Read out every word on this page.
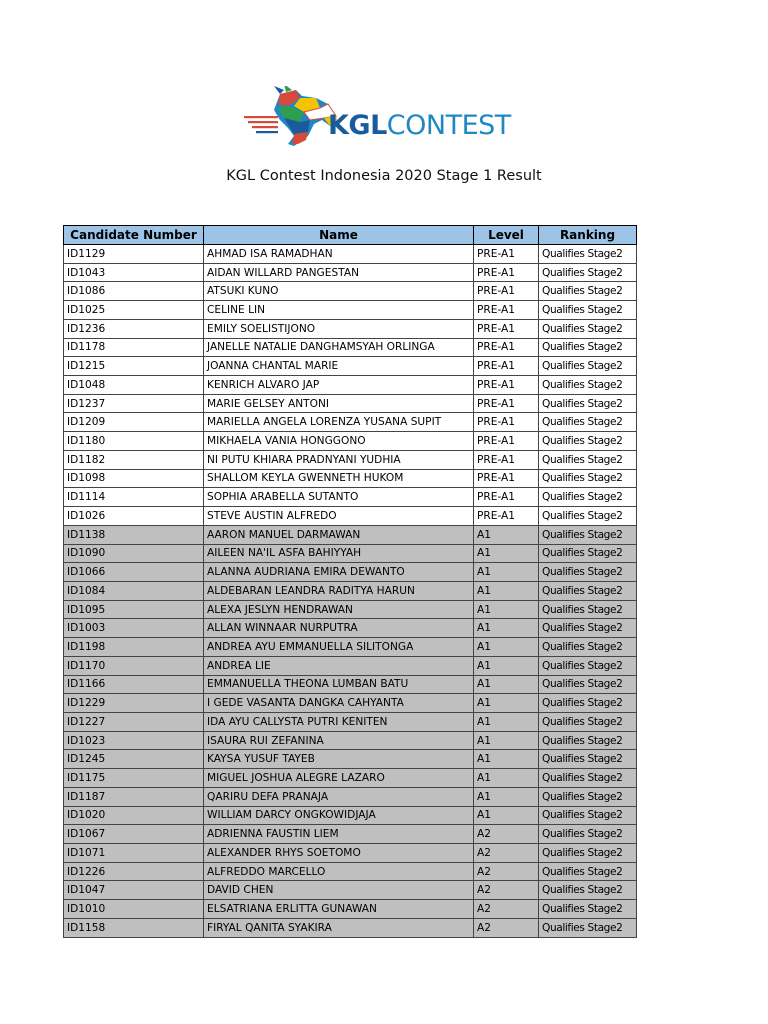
KGLCONTEST
KGL Contest Indonesia 2020 Stage 1 Result
Candidate Number	Name	Level	Ranking
ID1129	AHMAD ISA RAMADHAN	PRE-A1	Qualifies Stage2
ID1043	AIDAN WILLARD PANGESTAN	PRE-A1	Qualifies Stage2
ID1086	ATSUKI KUNO	PRE-A1	Qualifies Stage2
ID1025	CELINE LIN	PRE-A1	Qualifies Stage2
ID1236	EMILY SOELISTIJONO	PRE-A1	Qualifies Stage2
ID1178	JANELLE NATALIE DANGHAMSYAH ORLINGA	PRE-A1	Qualifies Stage2
ID1215	JOANNA CHANTAL MARIE	PRE-A1	Qualifies Stage2
ID1048	KENRICH ALVARO JAP	PRE-A1	Qualifies Stage2
ID1237	MARIE GELSEY ANTONI	PRE-A1	Qualifies Stage2
ID1209	MARIELLA ANGELA LORENZA YUSANA SUPIT	PRE-A1	Qualifies Stage2
ID1180	MIKHAELA VANIA HONGGONO	PRE-A1	Qualifies Stage2
ID1182	NI PUTU KHIARA PRADNYANI YUDHIA	PRE-A1	Qualifies Stage2
ID1098	SHALLOM KEYLA GWENNETH HUKOM	PRE-A1	Qualifies Stage2
ID1114	SOPHIA ARABELLA SUTANTO	PRE-A1	Qualifies Stage2
ID1026	STEVE AUSTIN ALFREDO	PRE-A1	Qualifies Stage2
ID1138	AARON MANUEL DARMAWAN	A1	Qualifies Stage2
ID1090	AILEEN NA'IL ASFA BAHIYYAH	A1	Qualifies Stage2
ID1066	ALANNA AUDRIANA EMIRA DEWANTO	A1	Qualifies Stage2
ID1084	ALDEBARAN LEANDRA RADITYA HARUN	A1	Qualifies Stage2
ID1095	ALEXA JESLYN HENDRAWAN	A1	Qualifies Stage2
ID1003	ALLAN WINNAAR NURPUTRA	A1	Qualifies Stage2
ID1198	ANDREA AYU EMMANUELLA SILITONGA	A1	Qualifies Stage2
ID1170	ANDREA LIE	A1	Qualifies Stage2
ID1166	EMMANUELLA THEONA LUMBAN BATU	A1	Qualifies Stage2
ID1229	I GEDE VASANTA DANGKA CAHYANTA	A1	Qualifies Stage2
ID1227	IDA AYU CALLYSTA PUTRI KENITEN	A1	Qualifies Stage2
ID1023	ISAURA RUI ZEFANINA	A1	Qualifies Stage2
ID1245	KAYSA YUSUF TAYEB	A1	Qualifies Stage2
ID1175	MIGUEL JOSHUA ALEGRE LAZARO	A1	Qualifies Stage2
ID1187	QARIRU DEFA PRANAJA	A1	Qualifies Stage2
ID1020	WILLIAM DARCY ONGKOWIDJAJA	A1	Qualifies Stage2
ID1067	ADRIENNA FAUSTIN LIEM	A2	Qualifies Stage2
ID1071	ALEXANDER RHYS SOETOMO	A2	Qualifies Stage2
ID1226	ALFREDDO MARCELLO	A2	Qualifies Stage2
ID1047	DAVID CHEN	A2	Qualifies Stage2
ID1010	ELSATRIANA ERLITTA GUNAWAN	A2	Qualifies Stage2
ID1158	FIRYAL QANITA SYAKIRA	A2	Qualifies Stage2
